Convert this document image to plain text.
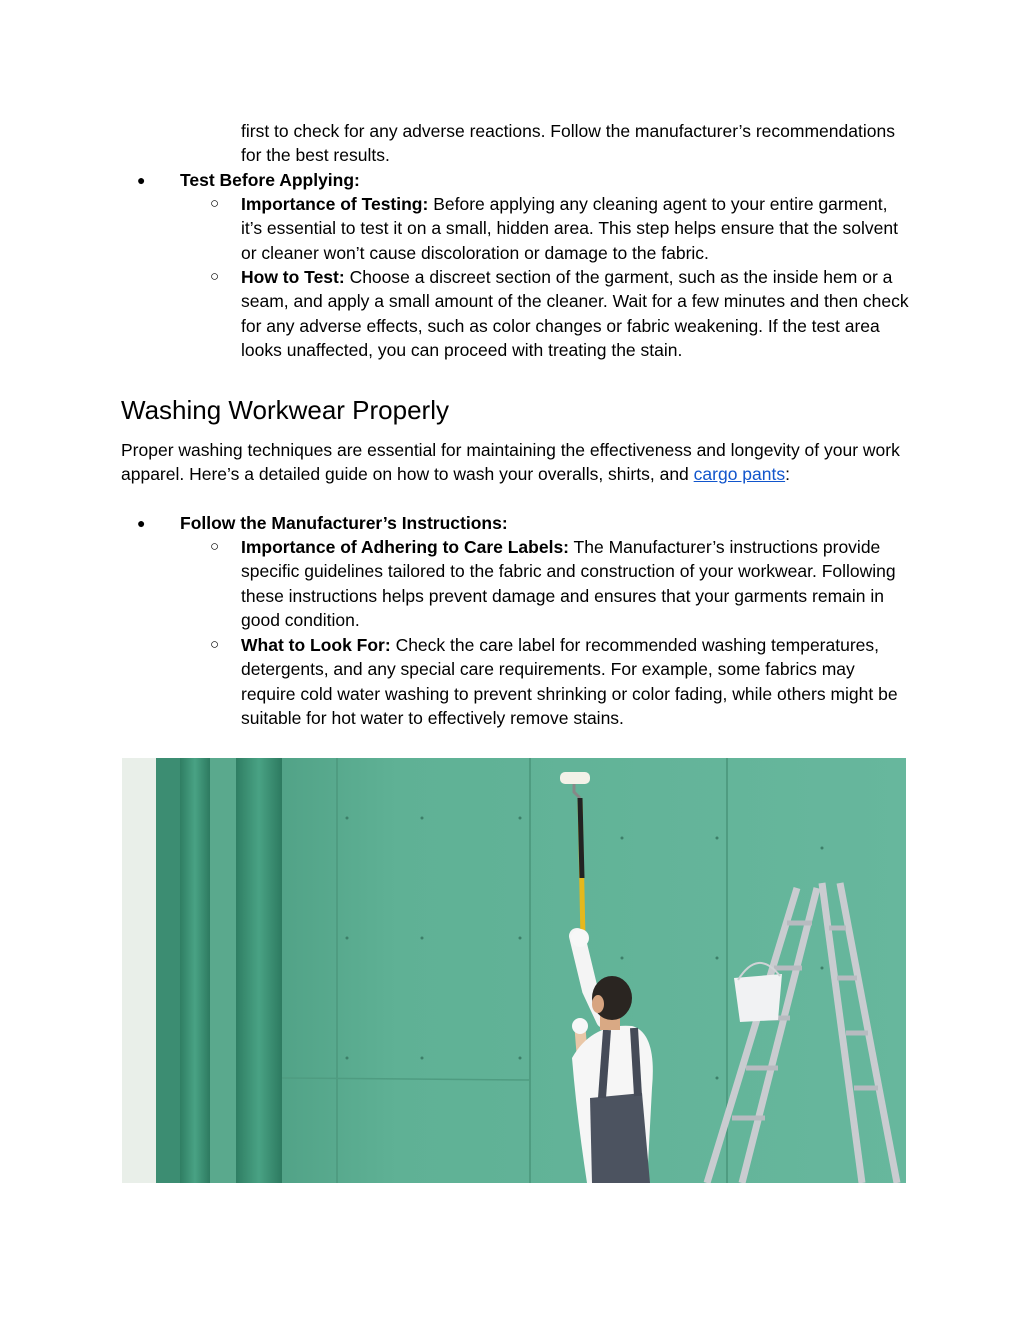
first to check for any adverse reactions. Follow the manufacturer’s recommendations for the best results.
● Test Before Applying:
○ Importance of Testing: Before applying any cleaning agent to your entire garment, it’s essential to test it on a small, hidden area. This step helps ensure that the solvent or cleaner won’t cause discoloration or damage to the fabric.
○ How to Test: Choose a discreet section of the garment, such as the inside hem or a seam, and apply a small amount of the cleaner. Wait for a few minutes and then check for any adverse effects, such as color changes or fabric weakening. If the test area looks unaffected, you can proceed with treating the stain.
Washing Workwear Properly
Proper washing techniques are essential for maintaining the effectiveness and longevity of your work apparel. Here’s a detailed guide on how to wash your overalls, shirts, and cargo pants:
● Follow the Manufacturer’s Instructions:
○ Importance of Adhering to Care Labels: The Manufacturer’s instructions provide specific guidelines tailored to the fabric and construction of your workwear. Following these instructions helps prevent damage and ensures that your garments remain in good condition.
○ What to Look For: Check the care label for recommended washing temperatures, detergents, and any special care requirements. For example, some fabrics may require cold water washing to prevent shrinking or color fading, while others might be suitable for hot water to effectively remove stains.
